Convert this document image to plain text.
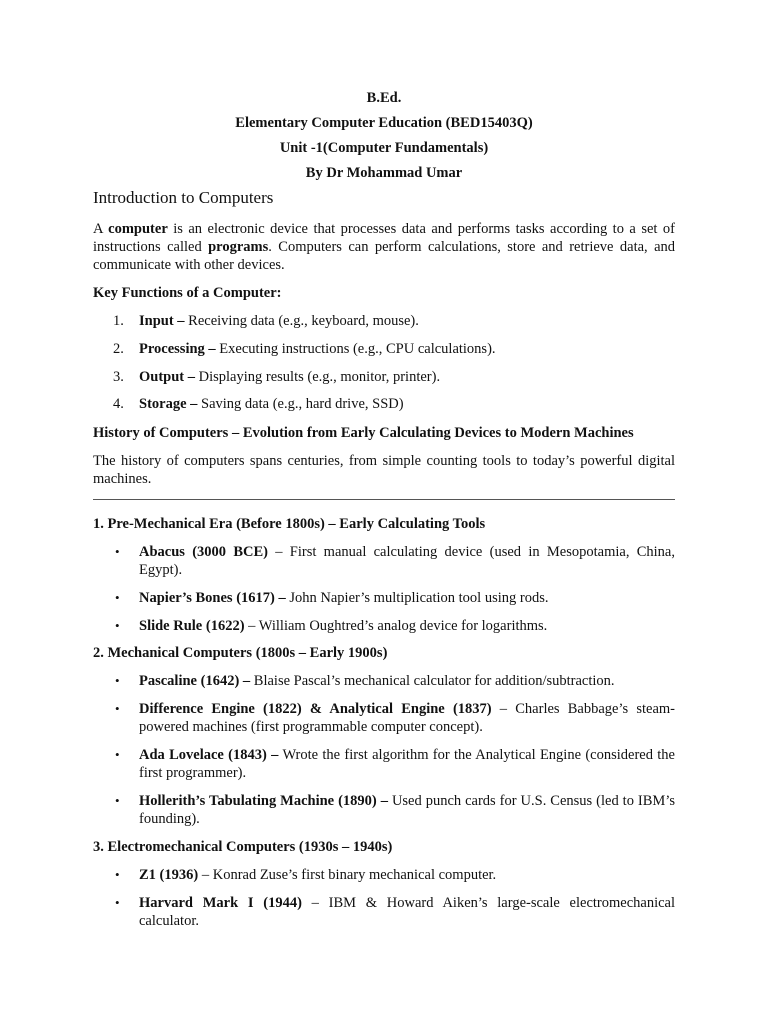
B.Ed.
Elementary Computer Education (BED15403Q)
Unit -1(Computer Fundamentals)
By Dr Mohammad Umar
Introduction to Computers
A computer is an electronic device that processes data and performs tasks according to a set of instructions called programs. Computers can perform calculations, store and retrieve data, and communicate with other devices.
Key Functions of a Computer:
1. Input – Receiving data (e.g., keyboard, mouse).
2. Processing – Executing instructions (e.g., CPU calculations).
3. Output – Displaying results (e.g., monitor, printer).
4. Storage – Saving data (e.g., hard drive, SSD)
History of Computers – Evolution from Early Calculating Devices to Modern Machines
The history of computers spans centuries, from simple counting tools to today’s powerful digital machines.
1. Pre-Mechanical Era (Before 1800s) – Early Calculating Tools
• Abacus (3000 BCE) – First manual calculating device (used in Mesopotamia, China, Egypt).
• Napier’s Bones (1617) – John Napier’s multiplication tool using rods.
• Slide Rule (1622) – William Oughtred’s analog device for logarithms.
2. Mechanical Computers (1800s – Early 1900s)
• Pascaline (1642) – Blaise Pascal’s mechanical calculator for addition/subtraction.
• Difference Engine (1822) & Analytical Engine (1837) – Charles Babbage’s steam-powered machines (first programmable computer concept).
• Ada Lovelace (1843) – Wrote the first algorithm for the Analytical Engine (considered the first programmer).
• Hollerith’s Tabulating Machine (1890) – Used punch cards for U.S. Census (led to IBM’s founding).
3. Electromechanical Computers (1930s – 1940s)
• Z1 (1936) – Konrad Zuse’s first binary mechanical computer.
• Harvard Mark I (1944) – IBM & Howard Aiken’s large-scale electromechanical calculator.
